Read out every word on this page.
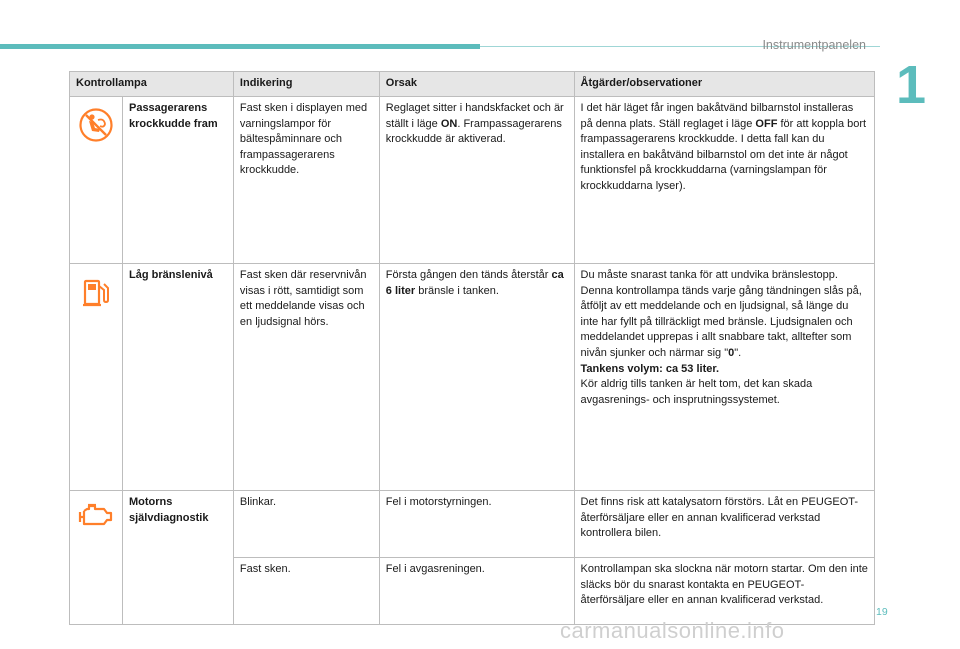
Instrumentpanelen
1
Kontrollampa		Indikering	Orsak	Åtgärder/observationer

	Passagerarens krockkudde fram	Fast sken i displayen med varningslampor för bältespåminnare och frampassagerarens krockkudde.	Reglaget sitter i handskfacket och är ställt i läge ON. Frampassagerarens krockkudde är aktiverad.	I det här läget får ingen bakåtvänd bilbarnstol installeras på denna plats. Ställ reglaget i läge OFF för att koppla bort frampassagerarens krockkudde. I detta fall kan du installera en bakåtvänd bilbarnstol om det inte är något funktionsfel på krockkuddarna (varningslampan för krockkuddarna lyser).

	Låg bränslenivå	Fast sken där reservnivån visas i rött, samtidigt som ett meddelande visas och en ljudsignal hörs.	Första gången den tänds återstår ca 6 liter bränsle i tanken.	Du måste snarast tanka för att undvika bränslestopp. Denna kontrollampa tänds varje gång tändningen slås på, åtföljt av ett meddelande och en ljudsignal, så länge du inte har fyllt på tillräckligt med bränsle. Ljudsignalen och meddelandet upprepas i allt snabbare takt, alltefter som nivån sjunker och närmar sig "0".

Tankens volym: ca 53 liter.

Kör aldrig tills tanken är helt tom, det kan skada avgasrenings- och insprutningssystemet.

	Motorns självdiagnostik	Blinkar.	Fel i motorstyrningen.	Det finns risk att katalysatorn förstörs. Låt en PEUGEOT-återförsäljare eller en annan kvalificerad verkstad kontrollera bilen.
		Fast sken.	Fel i avgasreningen.	Kontrollampan ska slockna när motorn startar. Om den inte släcks bör du snarast kontakta en PEUGEOT-återförsäljare eller en annan kvalificerad verkstad.
19
carmanualsonline.info
